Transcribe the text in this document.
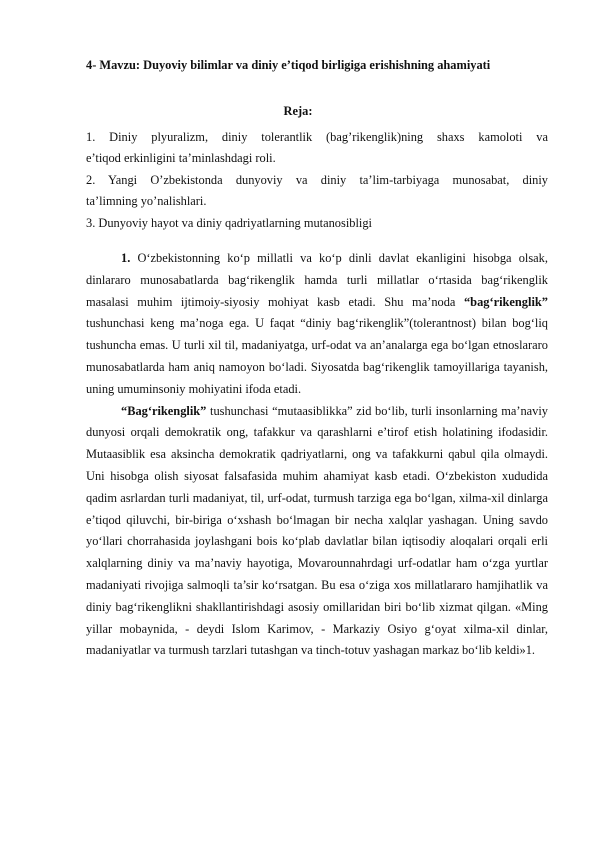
4- Mavzu: Duyoviy bilimlar va diniy e’tiqod birligiga erishishning ahamiyati
Reja:
1. Diniy plyuralizm, diniy tolerantlik (bag’rikenglik)ning shaxs kamoloti va
e’tiqod erkinligini ta’minlashdagi roli.
2. Yangi O’zbekistonda dunyoviy va diniy ta’lim-tarbiyaga munosabat, diniy
ta’limning yo’nalishlari.
3. Dunyoviy hayot va diniy qadriyatlarning mutanosibligi

1. O‘zbekistonning ko‘p millatli va ko‘p dinli davlat ekanligini hisobga olsak, dinlararo munosabatlarda bag‘rikenglik hamda turli millatlar o‘rtasida bag‘rikenglik masalasi muhim ijtimoiy-siyosiy mohiyat kasb etadi. Shu ma’noda “bag‘rikenglik” tushunchasi keng ma’noga ega. U faqat “diniy bag‘rikenglik”(tolerantnost) bilan bog‘liq tushuncha emas. U turli xil til, madaniyatga, urf-odat va an’analarga ega bo‘lgan etnoslararo munosabatlarda ham aniq namoyon bo‘ladi. Siyosatda bag‘rikenglik tamoyillariga tayanish, uning umuminsoniy mohiyatini ifoda etadi.

“Bag‘rikenglik” tushunchasi “mutaasiblikka” zid bo‘lib, turli insonlarning ma’naviy dunyosi orqali demokratik ong, tafakkur va qarashlarni e’tirof etish holatining ifodasidir. Mutaasiblik esa aksincha demokratik qadriyatlarni, ong va tafakkurni qabul qila olmaydi. Uni hisobga olish siyosat falsafasida muhim ahamiyat kasb etadi. O‘zbekiston xududida qadim asrlardan turli madaniyat, til, urf-odat, turmush tarziga ega bo‘lgan, xilma-xil dinlarga e’tiqod qiluvchi, bir-biriga o‘xshash bo‘lmagan bir necha xalqlar yashagan. Uning savdo yo‘llari chorrahasida joylashgani bois ko‘plab davlatlar bilan iqtisodiy aloqalari orqali erli xalqlarning diniy va ma’naviy hayotiga, Movarounnahrdagi urf-odatlar ham o‘zga yurtlar madaniyati rivojiga salmoqli ta’sir ko‘rsatgan. Bu esa o‘ziga xos millatlararo hamjihatlik va diniy bag‘rikenglikni shakllantirishdagi asosiy omillaridan biri bo‘lib xizmat qilgan. «Ming yillar mobaynida, - deydi Islom Karimov, - Markaziy Osiyo g‘oyat xilma-xil dinlar, madaniyatlar va turmush tarzlari tutashgan va tinch-totuv yashagan markaz bo‘lib keldi»1.
